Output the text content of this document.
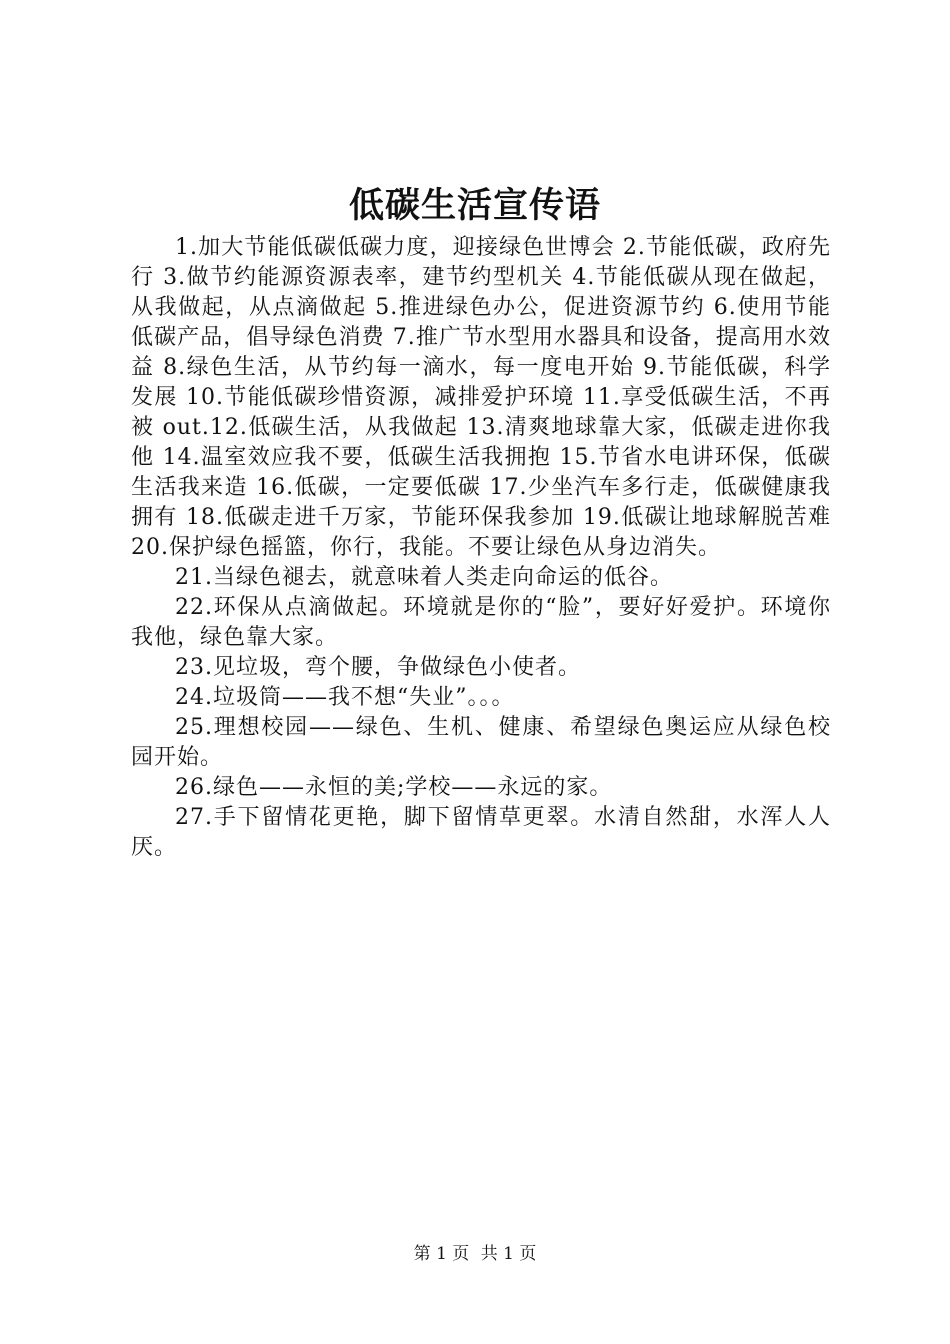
低碳生活宣传语

1.加大节能低碳低碳力度，迎接绿色世博会 2.节能低碳，政府先行 3.做节约能源资源表率，建节约型机关 4.节能低碳从现在做起，从我做起，从点滴做起 5.推进绿色办公，促进资源节约 6.使用节能低碳产品，倡导绿色消费 7.推广节水型用水器具和设备，提高用水效益 8.绿色生活，从节约每一滴水，每一度电开始 9.节能低碳，科学发展 10.节能低碳珍惜资源，减排爱护环境 11.享受低碳生活，不再被 out.12.低碳生活，从我做起 13.清爽地球靠大家，低碳走进你我他 14.温室效应我不要，低碳生活我拥抱 15.节省水电讲环保，低碳生活我来造 16.低碳，一定要低碳 17.少坐汽车多行走，低碳健康我拥有 18.低碳走进千万家，节能环保我参加 19.低碳让地球解脱苦难 20.保护绿色摇篮，你行，我能。不要让绿色从身边消失。

21.当绿色褪去，就意味着人类走向命运的低谷。

22.环保从点滴做起。环境就是你的“脸”，要好好爱护。环境你我他，绿色靠大家。

23.见垃圾，弯个腰，争做绿色小使者。

24.垃圾筒——我不想“失业”。。。

25.理想校园——绿色、生机、健康、希望绿色奥运应从绿色校园开始。

26.绿色——永恒的美;学校——永远的家。

27.手下留情花更艳，脚下留情草更翠。水清自然甜，水浑人人厌。

第 1 页 共 1 页
